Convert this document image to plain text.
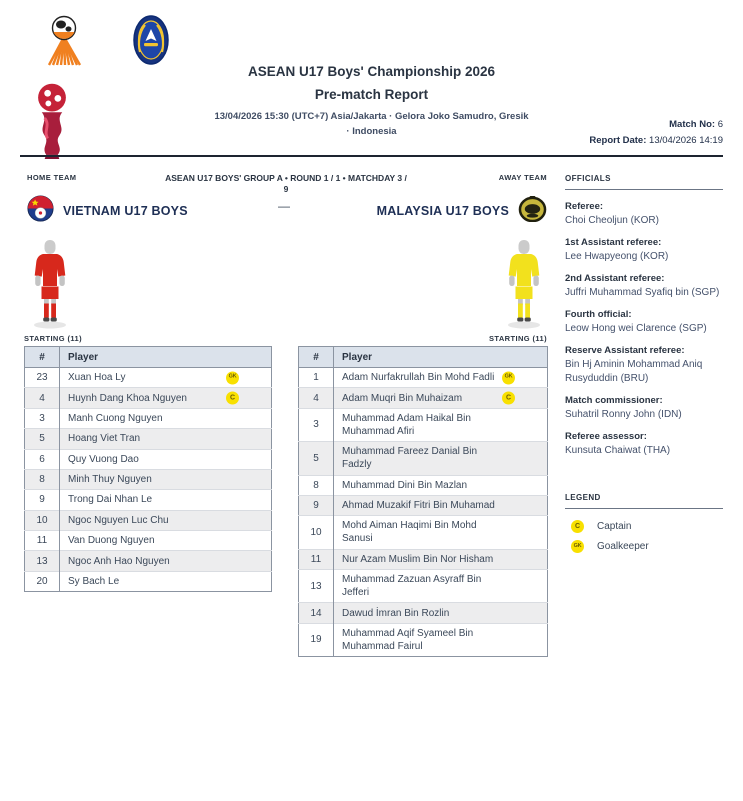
ASEAN U17 Boys' Championship 2026
Pre-match Report
13/04/2026 15:30 (UTC+7) Asia/Jakarta · Gelora Joko Samudro, Gresik
· Indonesia
Match No: 6
Report Date: 13/04/2026 14:19
HOME TEAM	ASEAN U17 BOYS' GROUP A • ROUND 1 / 1 • MATCHDAY 3 /
9
AWAY TEAM
VIETNAM U17 BOYS	MALAYSIA U17 BOYS
—
STARTING (11)	STARTING (11)
#	Player
23	Xuan Hoa Ly GK

4	Huynh Dang Khoa Nguyen C

3	Manh Cuong Nguyen

5	Hoang Viet Tran

6	Quy Vuong Dao

8	Minh Thuy Nguyen

9	Trong Dai Nhan Le

10	Ngoc Nguyen Luc Chu

11	Van Duong Nguyen

13	Ngoc Anh Hao Nguyen

20	Sy Bach Le
#	Player
1	Adam Nurfakrullah Bin Mohd Fadli GK

4	Adam Muqri Bin Muhaizam C

3	Muhammad Adam Haikal Bin Muhammad Afiri

5	Muhammad Fareez Danial Bin Fadzly

8	Muhammad Dini Bin Mazlan

9	Ahmad Muzakif Fitri Bin Muhamad

10	Mohd Aiman Haqimi Bin Mohd Sanusi

11	Nur Azam Muslim Bin Nor Hisham

13	Muhammad Zazuan Asyraff Bin Jefferi

14	Dawud İmran Bin Rozlin

19	Muhammad Aqif Syameel Bin Muhammad Fairul
OFFICIALS
Referee:
Choi Cheoljun (KOR)
1st Assistant referee:
Lee Hwapyeong (KOR)
2nd Assistant referee:
Juffri Muhammad Syafiq bin (SGP)
Fourth official:
Leow Hong wei Clarence (SGP)
Reserve Assistant referee:
Bin Hj Aminin Mohammad Aniq Rusyduddin (BRU)
Match commissioner:
Suhatril Ronny John (IDN)
Referee assessor:
Kunsuta Chaiwat (THA)
LEGEND
C	Captain
GK Goalkeeper
